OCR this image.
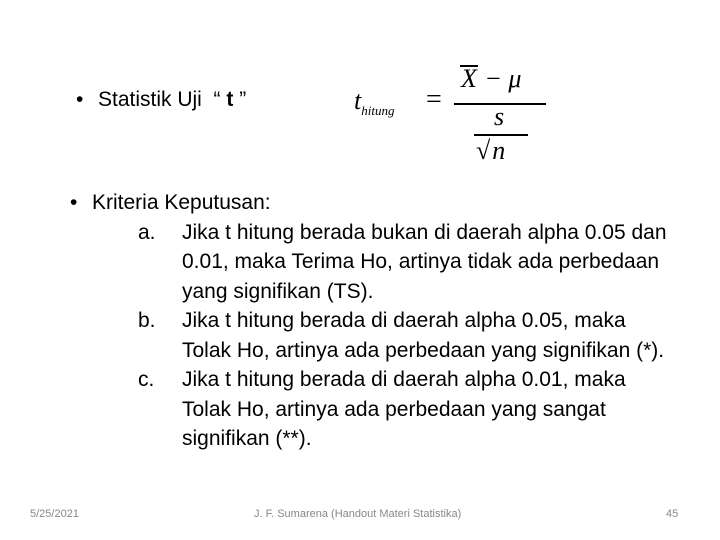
• Statistik Uji “ t ”	$t_{hitung}$ =
X − μ
s
√n
• Kriteria Keputusan:
a.	Jika t hitung berada bukan di daerah alpha 0.05 dan 0.01, maka Terima Ho, artinya tidak ada perbedaan yang signifikan (TS).
b.	Jika t hitung berada di daerah alpha 0.05, maka Tolak Ho, artinya ada perbedaan yang signifikan (*).
c.	Jika t hitung berada di daerah alpha 0.01, maka Tolak Ho, artinya ada perbedaan yang sangat signifikan (**).
5/25/2021	J. F. Sumarena (Handout Materi Statistika)	45
